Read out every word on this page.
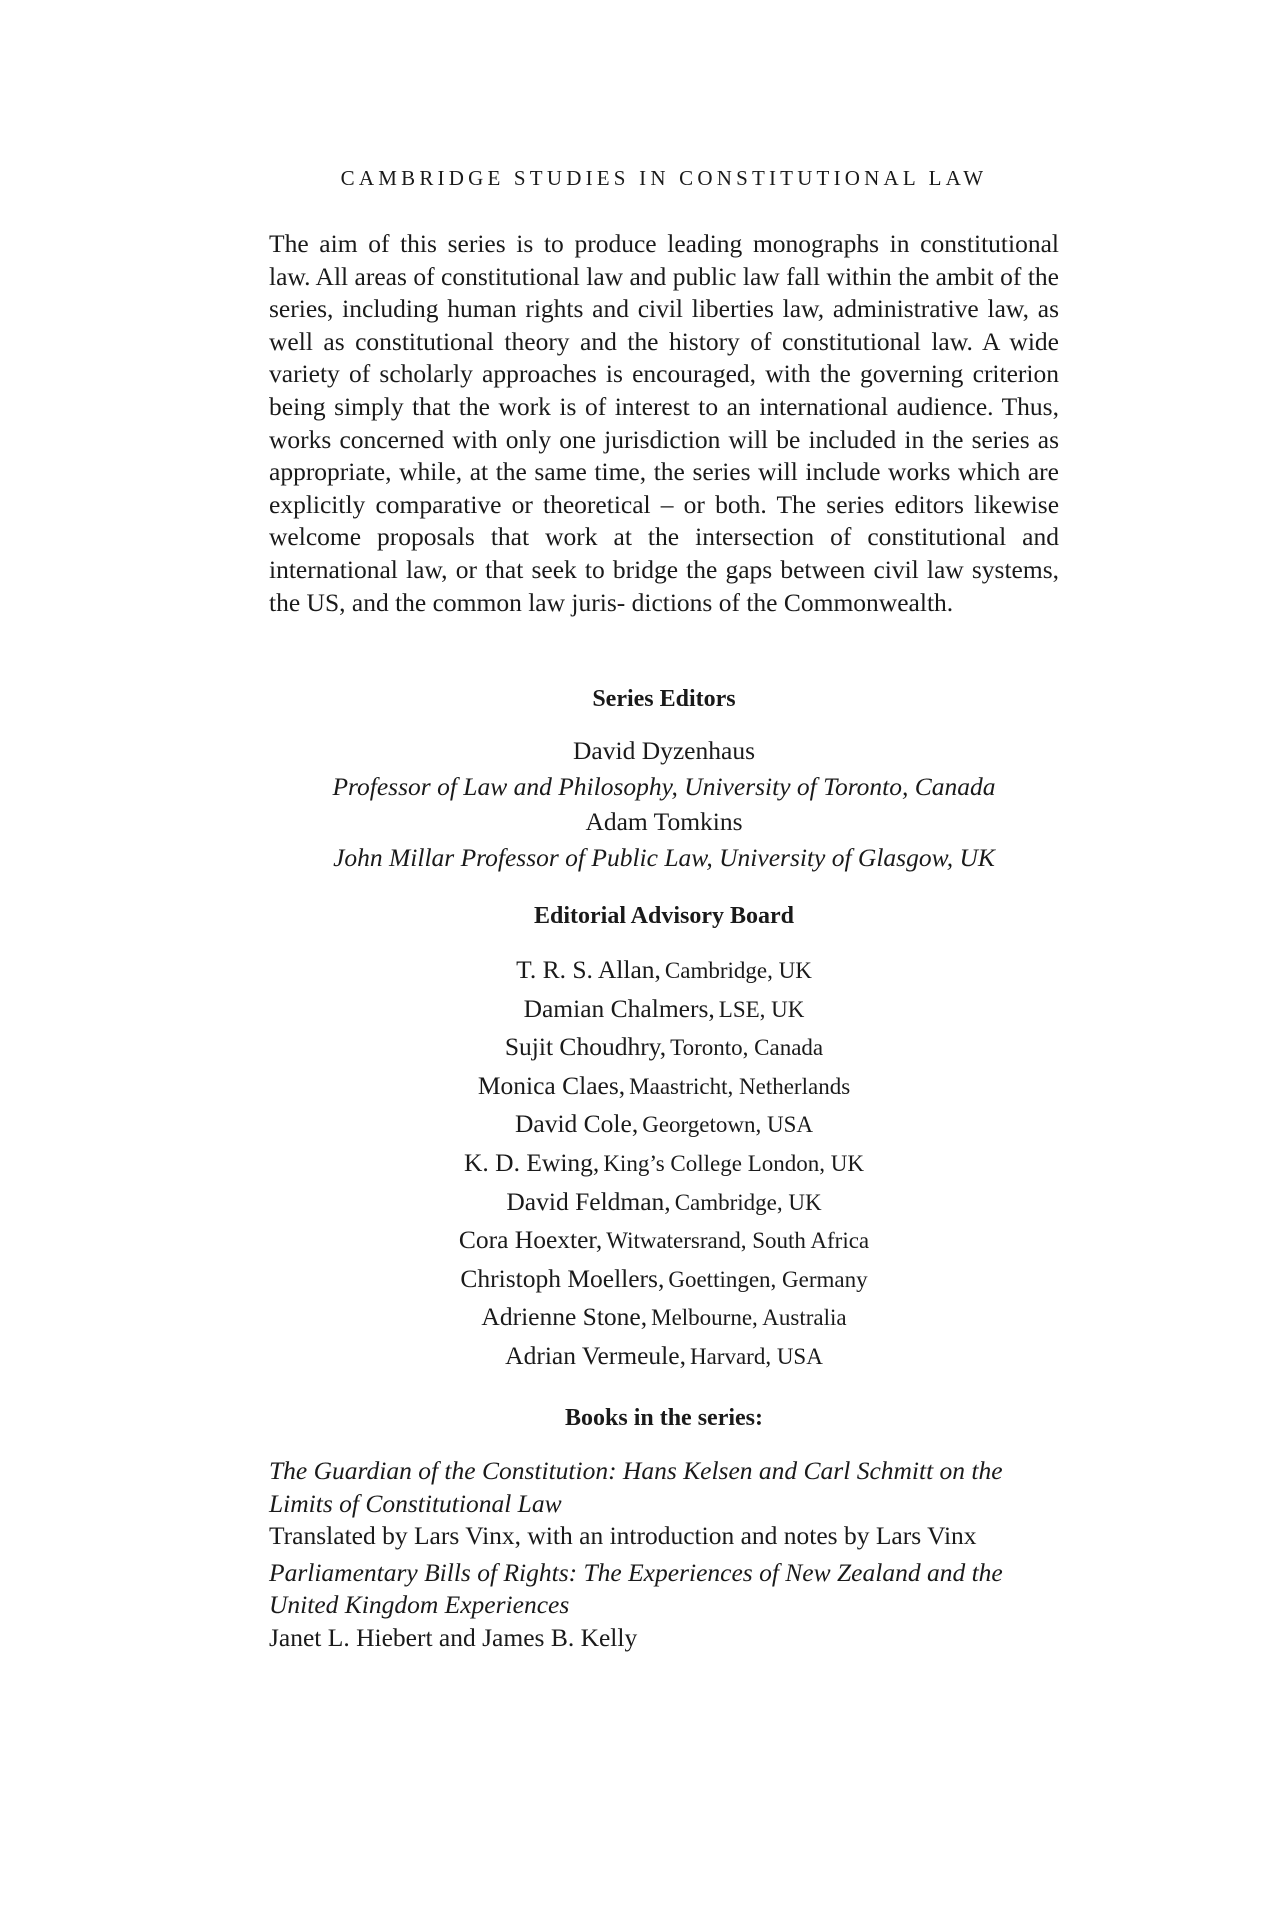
CAMBRIDGE STUDIES IN CONSTITUTIONAL LAW

The aim of this series is to produce leading monographs in constitutional law. All areas of constitutional law and public law fall within the ambit of the series, including human rights and civil liberties law, administrative law, as well as constitutional theory and the history of constitutional law. A wide variety of scholarly approaches is encouraged, with the governing criterion being simply that the work is of interest to an international audience. Thus, works concerned with only one jurisdiction will be included in the series as appropriate, while, at the same time, the series will include works which are explicitly comparative or theoretical – or both. The series editors likewise welcome proposals that work at the intersection of constitutional and international law, or that seek to bridge the gaps between civil law systems, the US, and the common law juris- dictions of the Commonwealth.

Series Editors
David Dyzenhaus
Professor of Law and Philosophy, University of Toronto, Canada
Adam Tomkins
John Millar Professor of Public Law, University of Glasgow, UK
Editorial Advisory Board
T. R. S. Allan, Cambridge, UK
Damian Chalmers, LSE, UK
Sujit Choudhry, Toronto, Canada
Monica Claes, Maastricht, Netherlands
David Cole, Georgetown, USA
K. D. Ewing, King’s College London, UK
David Feldman, Cambridge, UK
Cora Hoexter, Witwatersrand, South Africa
Christoph Moellers, Goettingen, Germany
Adrienne Stone, Melbourne, Australia
Adrian Vermeule, Harvard, USA
Books in the series:
The Guardian of the Constitution: Hans Kelsen and Carl Schmitt on the
Limits of Constitutional Law
Translated by Lars Vinx, with an introduction and notes by Lars Vinx
Parliamentary Bills of Rights: The Experiences of New Zealand and the
United Kingdom Experiences
Janet L. Hiebert and James B. Kelly
